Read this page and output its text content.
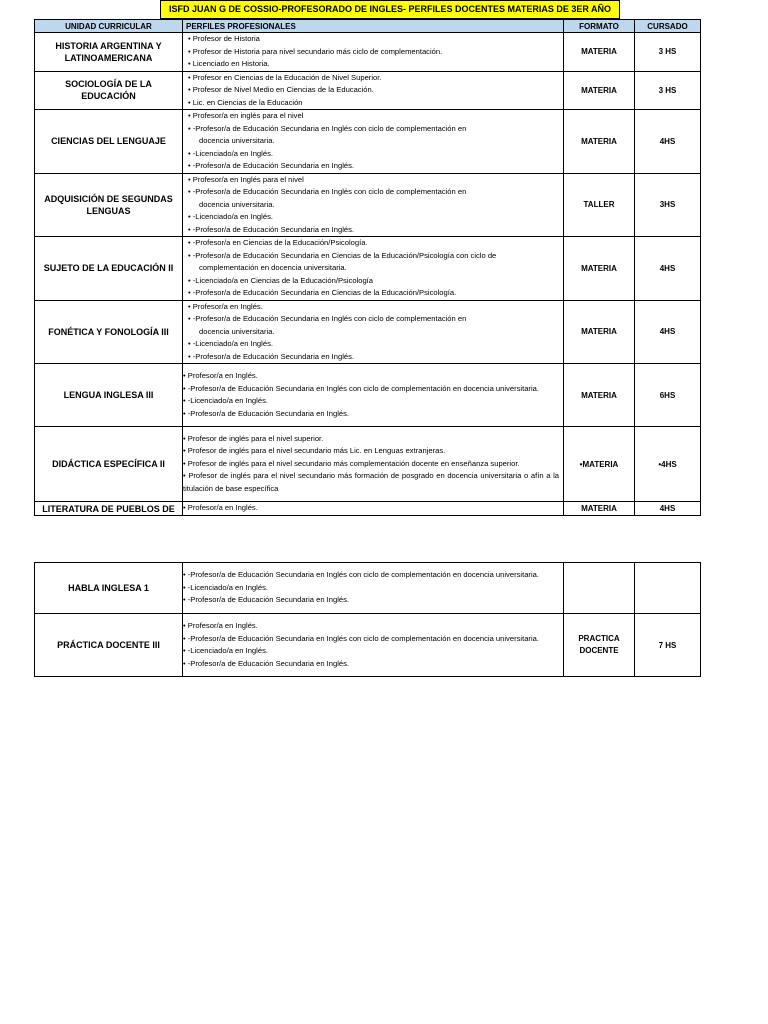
ISFD JUAN G DE COSSIO-PROFESORADO DE INGLES- PERFILES DOCENTES MATERIAS DE 3ER AÑO
UNIDAD CURRICULAR	PERFILES PROFESIONALES	FORMATO	CURSADO
HISTORIA ARGENTINA Y LATINOAMERICANA	• Profesor de Historia
• Profesor de Historia para nivel secundario más ciclo de complementación.
• Licenciado en Historia.	MATERIA	3 HS
SOCIOLOGÍA DE LA EDUCACIÓN	• Profesor en Ciencias de la Educación de Nivel Superior.
• Profesor de Nivel Medio en Ciencias de la Educación.
• Lic. en Ciencias de la Educación	MATERIA	3 HS
CIENCIAS DEL LENGUAJE	• Profesor/a en inglés para el nivel
• -Profesor/a de Educación Secundaria en Inglés con ciclo de complementación en
docencia universitaria.
• -Licenciado/a en Inglés.
• -Profesor/a de Educación Secundaria en Inglés.	MATERIA	4HS
ADQUISICIÓN DE SEGUNDAS LENGUAS	• Profesor/a en Inglés para el nivel
• -Profesor/a de Educación Secundaria en Inglés con ciclo de complementación en
docencia universitaria.
• -Licenciado/a en Inglés.
• -Profesor/a de Educación Secundaria en Inglés.	TALLER	3HS
SUJETO DE LA EDUCACIÓN II	• -Profesor/a en Ciencias de la Educación/Psicología.
• -Profesor/a de Educación Secundaria en Ciencias de la Educación/Psicología con ciclo de
complementación en docencia universitaria.
• -Licenciado/a en Ciencias de la Educación/Psicología
• -Profesor/a de Educación Secundaria en Ciencias de la Educación/Psicología.	MATERIA	4HS
FONÉTICA Y FONOLOGÍA III	• Profesor/a en Inglés.
• -Profesor/a de Educación Secundaria en Inglés con ciclo de complementación en
docencia universitaria.
• -Licenciado/a en Inglés.
• -Profesor/a de Educación Secundaria en Inglés.	MATERIA	4HS
LENGUA INGLESA III	• Profesor/a en Inglés.
• -Profesor/a de Educación Secundaria en Inglés con ciclo de complementación en docencia universitaria.
• -Licenciado/a en Inglés.
• -Profesor/a de Educación Secundaria en Inglés.	MATERIA	6HS
DIDÁCTICA ESPECÍFICA II	• Profesor de inglés para el nivel superior.
• Profesor de inglés para el nivel secundario más Lic. en Lenguas extranjeras.
• Profesor de inglés para el nivel secundario más complementación docente en enseñanza superior.
• Profesor de inglés para el nivel secundario más formación de posgrado en docencia universitaria o afín a la titulación de base específica	•MATERIA	•4HS
LITERATURA DE PUEBLOS DE	• Profesor/a en Inglés.	MATERIA	4HS
HABLA INGLESA 1	• -Profesor/a de Educación Secundaria en Inglés con ciclo de complementación en docencia universitaria.
• -Licenciado/a en Inglés.
• -Profesor/a de Educación Secundaria en Inglés.		

PRÁCTICA DOCENTE III	• Profesor/a en Inglés.
• -Profesor/a de Educación Secundaria en Inglés con ciclo de complementación en docencia universitaria.
• -Licenciado/a en Inglés.
• -Profesor/a de Educación Secundaria en Inglés.	PRACTICA DOCENTE	7 HS
